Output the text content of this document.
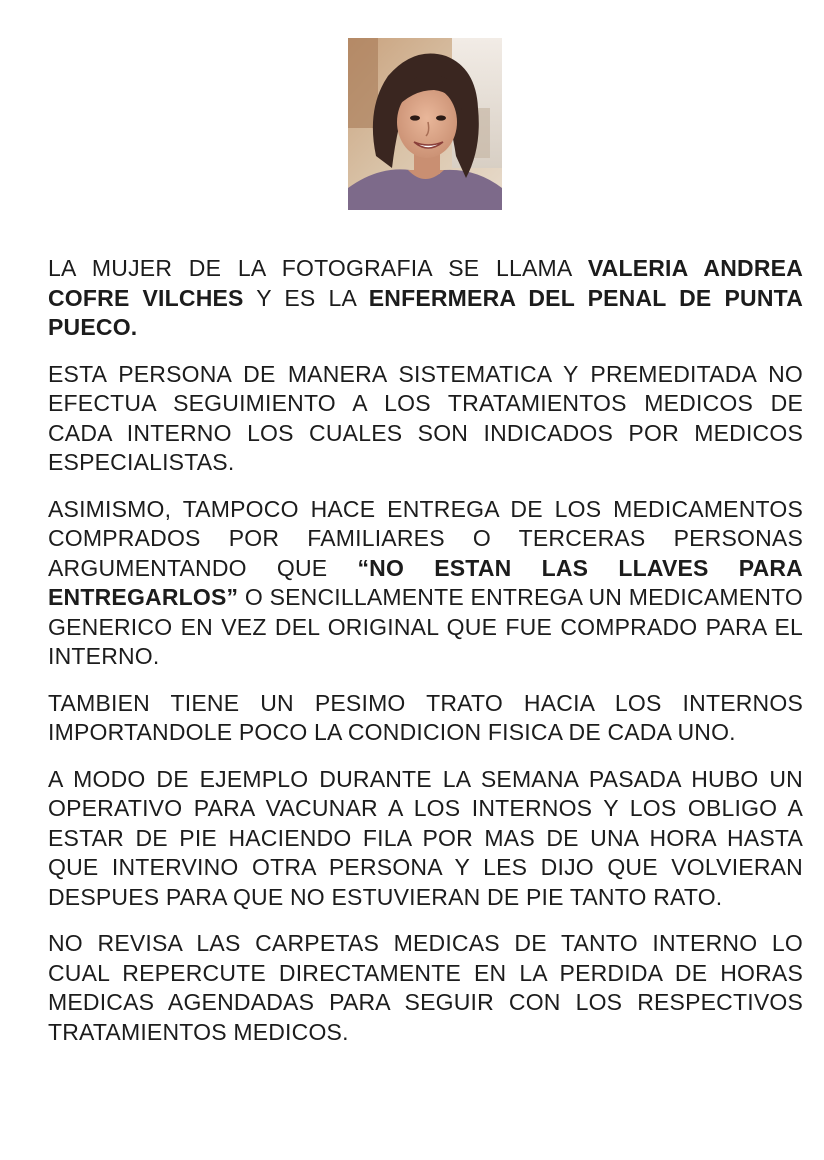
LA MUJER DE LA FOTOGRAFIA SE LLAMA VALERIA ANDREA COFRE VILCHES Y ES LA ENFERMERA DEL PENAL DE PUNTA PUECO.

ESTA PERSONA DE MANERA SISTEMATICA Y PREMEDITADA NO EFECTUA SEGUIMIENTO A LOS TRATAMIENTOS MEDICOS DE CADA INTERNO LOS CUALES SON INDICADOS POR MEDICOS ESPECIALISTAS.

ASIMISMO, TAMPOCO HACE ENTREGA DE LOS MEDICAMENTOS COMPRADOS POR FAMILIARES O TERCERAS PERSONAS ARGUMENTANDO QUE “NO ESTAN LAS LLAVES PARA ENTREGARLOS” O SENCILLAMENTE ENTREGA UN MEDICAMENTO GENERICO EN VEZ DEL ORIGINAL QUE FUE COMPRADO PARA EL INTERNO.

TAMBIEN TIENE UN PESIMO TRATO HACIA LOS INTERNOS IMPORTANDOLE POCO LA CONDICION FISICA DE CADA UNO.

A MODO DE EJEMPLO DURANTE LA SEMANA PASADA HUBO UN OPERATIVO PARA VACUNAR A LOS INTERNOS Y LOS OBLIGO A ESTAR DE PIE HACIENDO FILA POR MAS DE UNA HORA HASTA QUE INTERVINO OTRA PERSONA Y LES DIJO QUE VOLVIERAN DESPUES PARA QUE NO ESTUVIERAN DE PIE TANTO RATO.

NO REVISA LAS CARPETAS MEDICAS DE TANTO INTERNO LO CUAL REPERCUTE DIRECTAMENTE EN LA PERDIDA DE HORAS MEDICAS AGENDADAS PARA SEGUIR CON LOS RESPECTIVOS TRATAMIENTOS MEDICOS.
